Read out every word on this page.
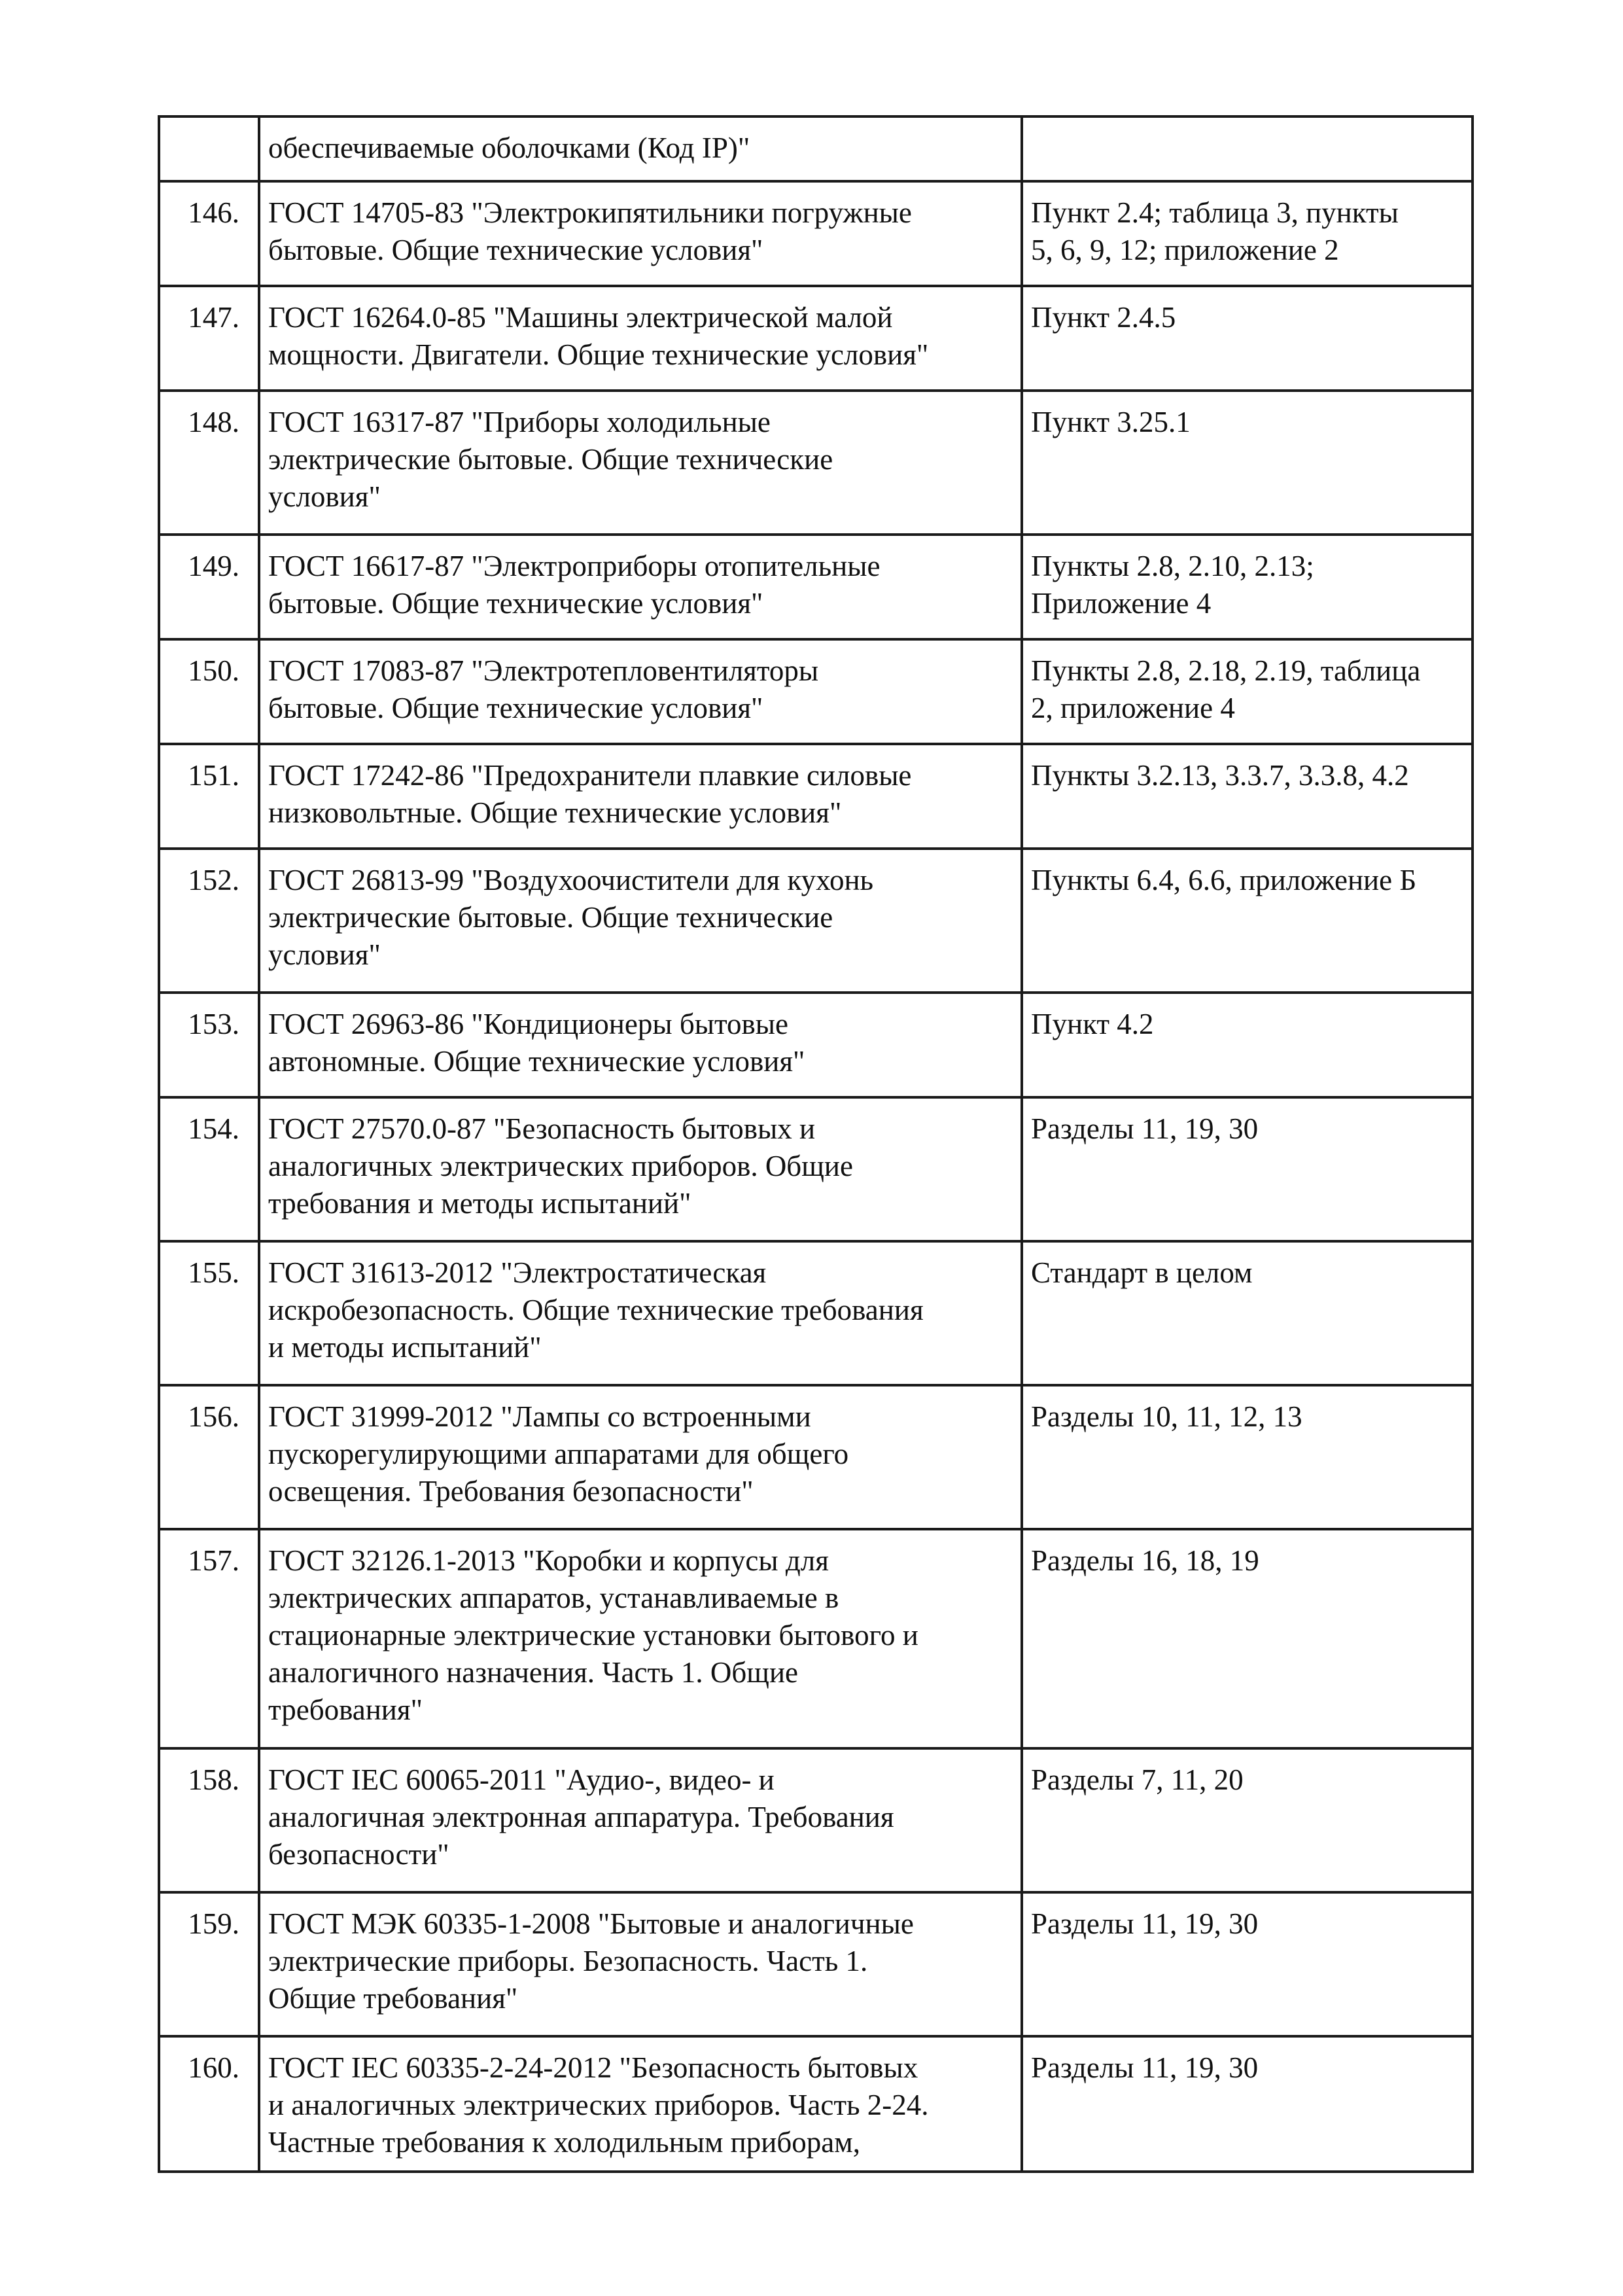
	обеспечиваемые оболочками (Код IP)"	

146.	ГОСТ 14705-83 "Электрокипятильники погружные
бытовые. Общие технические условия"	Пункт 2.4; таблица 3, пункты
5, 6, 9, 12; приложение 2

147.	ГОСТ 16264.0-85 "Машины электрической малой
мощности. Двигатели. Общие технические условия"	Пункт 2.4.5

148.	ГОСТ 16317-87 "Приборы холодильные
электрические бытовые. Общие технические
условия"	Пункт 3.25.1

149.	ГОСТ 16617-87 "Электроприборы отопительные
бытовые. Общие технические условия"	Пункты 2.8, 2.10, 2.13;
Приложение 4

150.	ГОСТ 17083-87 "Электротепловентиляторы
бытовые. Общие технические условия"	Пункты 2.8, 2.18, 2.19, таблица
2, приложение 4

151.	ГОСТ 17242-86 "Предохранители плавкие силовые
низковольтные. Общие технические условия"	Пункты 3.2.13, 3.3.7, 3.3.8, 4.2

152.	ГОСТ 26813-99 "Воздухоочистители для кухонь
электрические бытовые. Общие технические
условия"	Пункты 6.4, 6.6, приложение Б

153.	ГОСТ 26963-86 "Кондиционеры бытовые
автономные. Общие технические условия"	Пункт 4.2

154.	ГОСТ 27570.0-87 "Безопасность бытовых и
аналогичных электрических приборов. Общие
требования и методы испытаний"	Разделы 11, 19, 30

155.	ГОСТ 31613-2012 "Электростатическая
искробезопасность. Общие технические требования
и методы испытаний"	Стандарт в целом

156.	ГОСТ 31999-2012 "Лампы со встроенными
пускорегулирующими аппаратами для общего
освещения. Требования безопасности"	Разделы 10, 11, 12, 13

157.	ГОСТ 32126.1-2013 "Коробки и корпусы для
электрических аппаратов, устанавливаемые в
стационарные электрические установки бытового и
аналогичного назначения. Часть 1. Общие
требования"	Разделы 16, 18, 19

158.	ГОСТ IEC 60065-2011 "Аудио-, видео- и
аналогичная электронная аппаратура. Требования
безопасности"	Разделы 7, 11, 20

159.	ГОСТ МЭК 60335-1-2008 "Бытовые и аналогичные
электрические приборы. Безопасность. Часть 1.
Общие требования"	Разделы 11, 19, 30

160.	ГОСТ IEC 60335-2-24-2012 "Безопасность бытовых
и аналогичных электрических приборов. Часть 2-24.
Частные требования к холодильным приборам,	Разделы 11, 19, 30
